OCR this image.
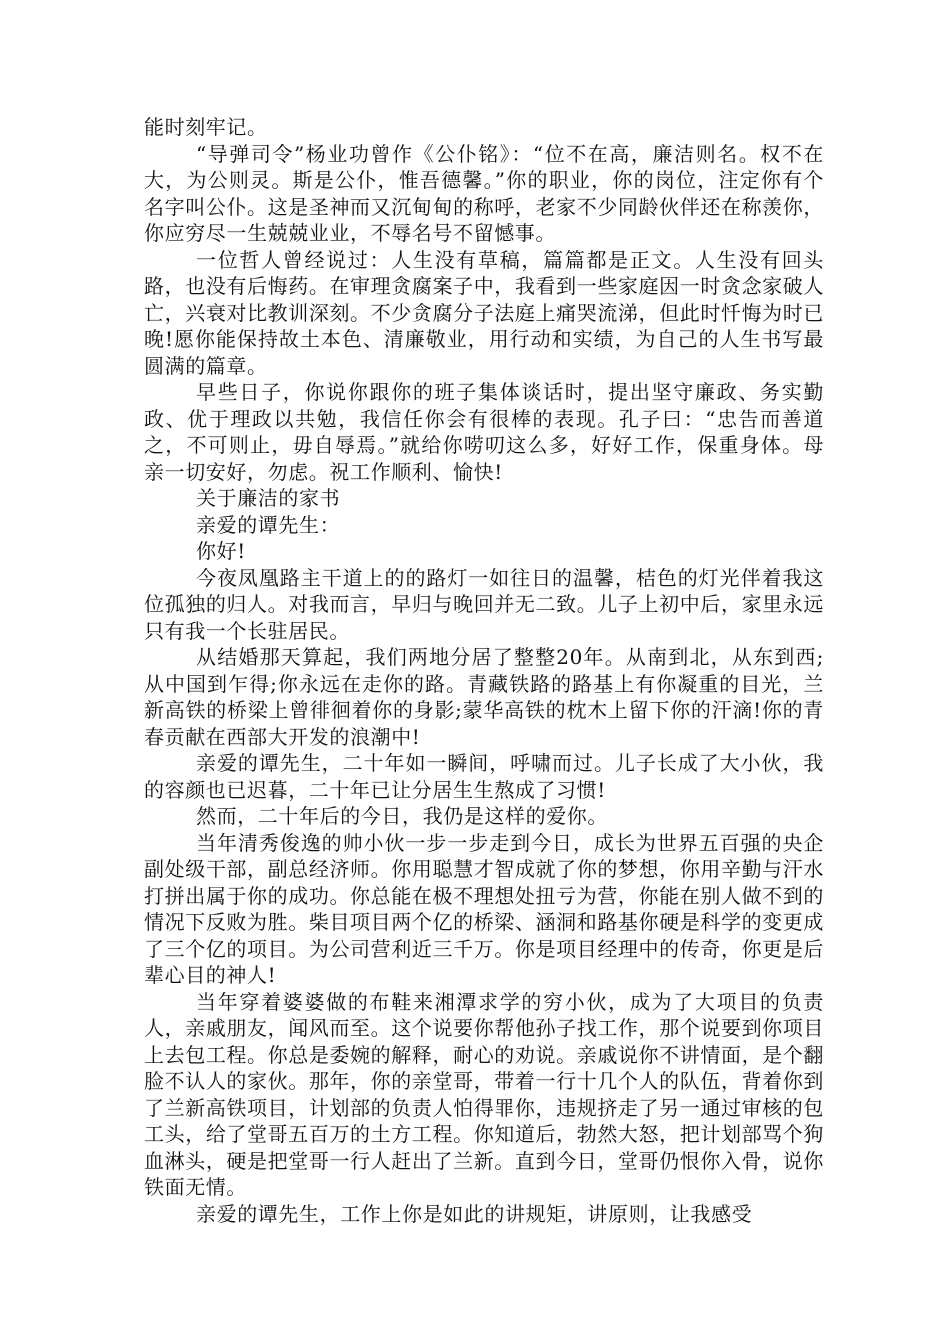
能时刻牢记。

“导弹司令”杨业功曾作《公仆铭》：“位不在高，廉洁则名。权不在大，为公则灵。斯是公仆，惟吾德馨。”你的职业，你的岗位，注定你有个名字叫公仆。这是圣神而又沉甸甸的称呼，老家不少同龄伙伴还在称羡你，你应穷尽一生兢兢业业，不辱名号不留憾事。

一位哲人曾经说过：人生没有草稿，篇篇都是正文。人生没有回头路，也没有后悔药。在审理贪腐案子中，我看到一些家庭因一时贪念家破人亡，兴衰对比教训深刻。不少贪腐分子法庭上痛哭流涕，但此时忏悔为时已晚!愿你能保持故土本色、清廉敬业，用行动和实绩，为自己的人生书写最圆满的篇章。

早些日子，你说你跟你的班子集体谈话时，提出坚守廉政、务实勤政、优于理政以共勉，我信任你会有很棒的表现。孔子曰：“忠告而善道之，不可则止，毋自辱焉。”就给你唠叨这么多，好好工作，保重身体。母亲一切安好，勿虑。祝工作顺利、愉快!

关于廉洁的家书

亲爱的谭先生：

你好!

今夜凤凰路主干道上的的路灯一如往日的温馨，桔色的灯光伴着我这位孤独的归人。对我而言，早归与晚回并无二致。儿子上初中后，家里永远只有我一个长驻居民。

从结婚那天算起，我们两地分居了整整20年。从南到北，从东到西;从中国到乍得;你永远在走你的路。青藏铁路的路基上有你凝重的目光，兰新高铁的桥梁上曾徘徊着你的身影;蒙华高铁的枕木上留下你的汗滴!你的青春贡献在西部大开发的浪潮中!

亲爱的谭先生，二十年如一瞬间，呼啸而过。儿子长成了大小伙，我的容颜也已迟暮，二十年已让分居生生熬成了习惯!

然而，二十年后的今日，我仍是这样的爱你。

当年清秀俊逸的帅小伙一步一步走到今日，成长为世界五百强的央企副处级干部，副总经济师。你用聪慧才智成就了你的梦想，你用辛勤与汗水打拼出属于你的成功。你总能在极不理想处扭亏为营，你能在别人做不到的情况下反败为胜。柴目项目两个亿的桥梁、涵洞和路基你硬是科学的变更成了三个亿的项目。为公司营利近三千万。你是项目经理中的传奇，你更是后辈心目的神人!

当年穿着婆婆做的布鞋来湘潭求学的穷小伙，成为了大项目的负责人，亲戚朋友，闻风而至。这个说要你帮他孙子找工作，那个说要到你项目上去包工程。你总是委婉的解释，耐心的劝说。亲戚说你不讲情面，是个翻脸不认人的家伙。那年，你的亲堂哥，带着一行十几个人的队伍，背着你到了兰新高铁项目，计划部的负责人怕得罪你，违规挤走了另一通过审核的包工头，给了堂哥五百万的土方工程。你知道后，勃然大怒，把计划部骂个狗血淋头，硬是把堂哥一行人赶出了兰新。直到今日，堂哥仍恨你入骨，说你铁面无情。

亲爱的谭先生，工作上你是如此的讲规矩，讲原则，让我感受
